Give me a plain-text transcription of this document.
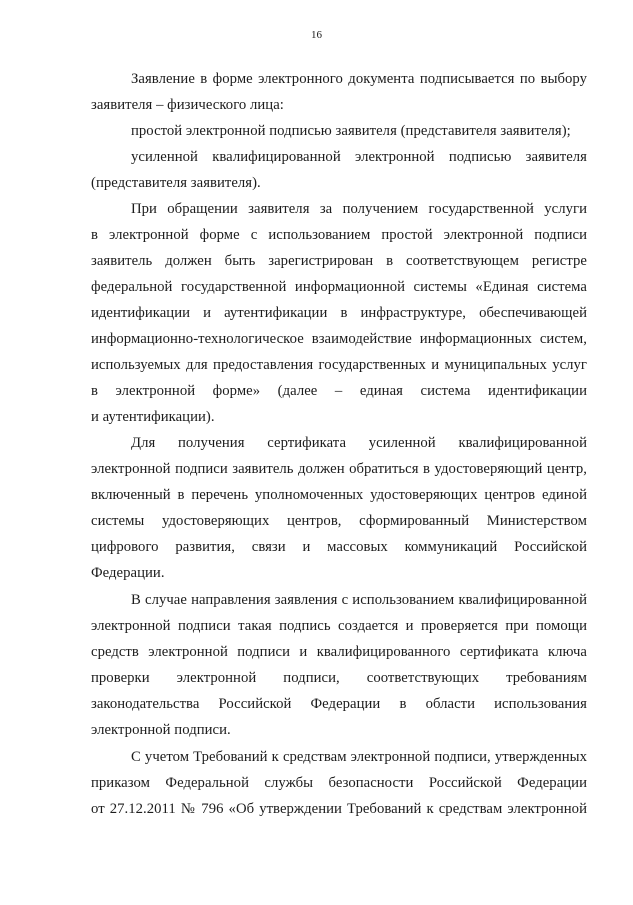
16
Заявление в форме электронного документа подписывается по выбору
заявителя – физического лица:
простой электронной подписью заявителя (представителя заявителя);
усиленной квалифицированной электронной подписью заявителя
(представителя заявителя).
При обращении заявителя за получением государственной услуги
в электронной форме с использованием простой электронной подписи
заявитель должен быть зарегистрирован в соответствующем регистре
федеральной государственной информационной системы «Единая система
идентификации и аутентификации в инфраструктуре, обеспечивающей
информационно-технологическое взаимодействие информационных систем,
используемых для предоставления государственных и муниципальных услуг
в электронной форме» (далее – единая система идентификации
и аутентификации).
Для получения сертификата усиленной квалифицированной
электронной подписи заявитель должен обратиться в удостоверяющий центр,
включенный в перечень уполномоченных удостоверяющих центров единой
системы удостоверяющих центров, сформированный Министерством
цифрового развития, связи и массовых коммуникаций Российской
Федерации.
В случае направления заявления с использованием квалифицированной
электронной подписи такая подпись создается и проверяется при помощи
средств электронной подписи и квалифицированного сертификата ключа
проверки электронной подписи, соответствующих требованиям
законодательства Российской Федерации в области использования
электронной подписи.
С учетом Требований к средствам электронной подписи, утвержденных
приказом Федеральной службы безопасности Российской Федерации
от 27.12.2011 № 796 «Об утверждении Требований к средствам электронной
